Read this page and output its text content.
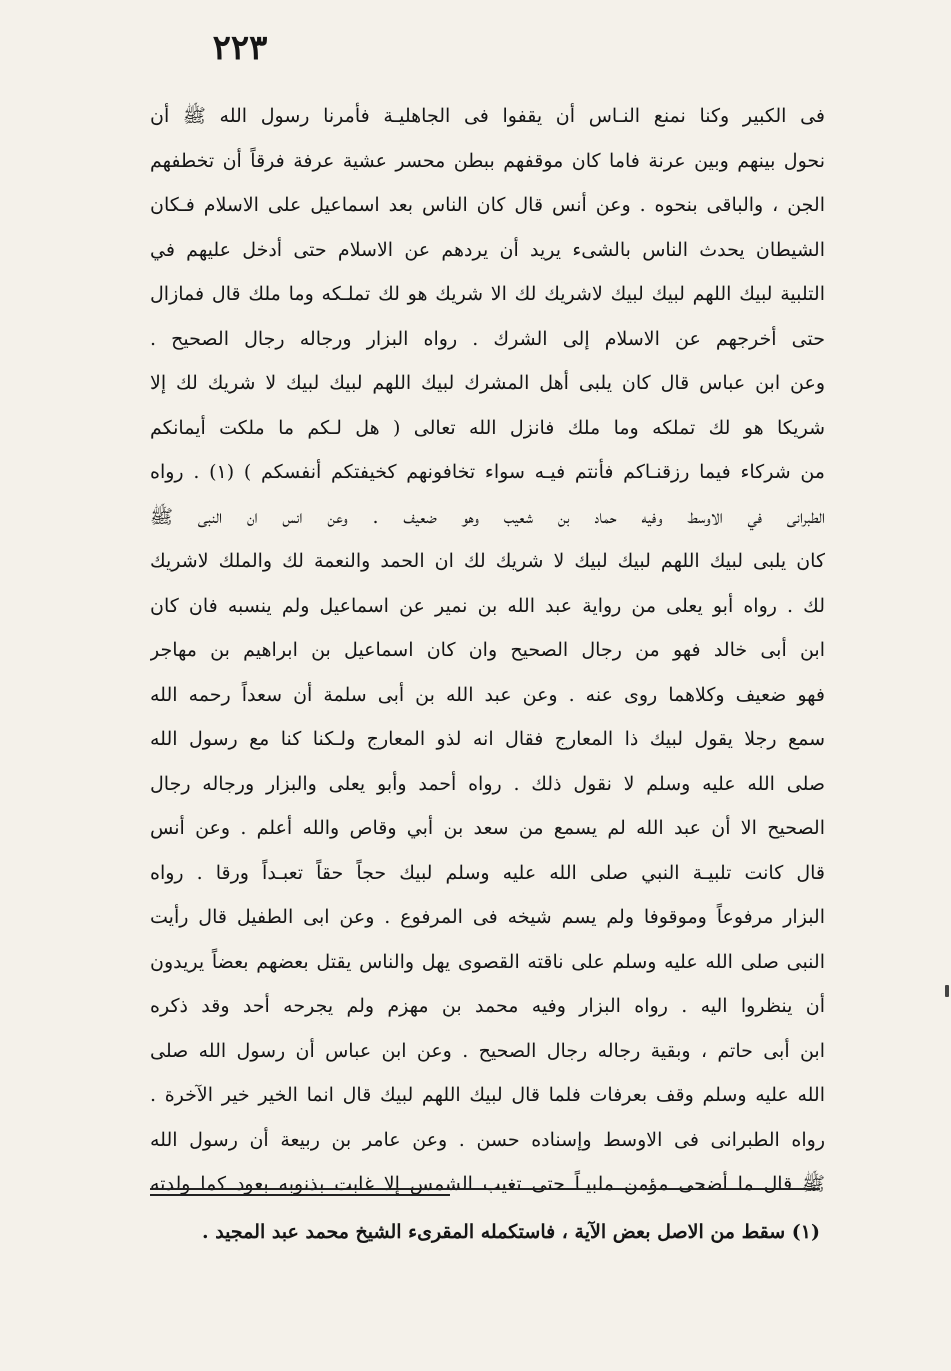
٢٢٣
فى الكبير وكنا نمنع النـاس أن يقفوا فى الجاهليـة فأمرنا رسول الله ﷺ أن
نحول بينهم وبين عرنة فاما كان موقفهم ببطن محسر عشية عرفة فرقاً أن تخطفهم
الجن ، والباقى بنحوه . وعن أنس قال كان الناس بعد اسماعيل على الاسلام فـكان
الشيطان يحدث الناس بالشىء يريد أن يردهم عن الاسلام حتى أدخل عليهم في
التلبية لبيك اللهم لبيك لبيك لاشريك لك الا شريك هو لك تملـكه وما ملك قال فمازال
حتى أخرجهم عن الاسلام إلى الشرك . رواه البزار ورجاله رجال الصحيح .
وعن ابن عباس قال كان يلبى أهل المشرك لبيك اللهم لبيك لبيك لا شريك لك إلا
شريكا هو لك تملكه وما ملك فانزل الله تعالى ( هل لـكم ما ملكت أيمانكم
من شركاء فيما رزقنـاكم فأنتم فيـه سواء تخافونهم كخيفتكم أنفسكم ) (١) . رواه
الطبرانى في الاوسط وفيه حماد بن شعيب وهو ضعيف . وعن انس ان النبى ﷺ
كان يلبى لبيك اللهم لبيك لبيك لا شريك لك ان الحمد والنعمة لك والملك لاشريك
لك . رواه أبو يعلى من رواية عبد الله بن نمير عن اسماعيل ولم ينسبه فان كان
ابن أبى خالد فهو من رجال الصحيح وان كان اسماعيل بن ابراهيم بن مهاجر
فهو ضعيف وكلاهما روى عنه . وعن عبد الله بن أبى سلمة أن سعداً رحمه الله
سمع رجلا يقول لبيك ذا المعارج فقال انه لذو المعارج ولـكنا كنا مع رسول الله
صلى الله عليه وسلم لا نقول ذلك . رواه أحمد وأبو يعلى والبزار ورجاله رجال
الصحيح الا أن عبد الله لم يسمع من سعد بن أبي وقاص والله أعلم . وعن أنس
قال كانت تلبيـة النبي صلى الله عليه وسلم لبيك حجاً حقاً تعبـداً ورقا . رواه
البزار مرفوعاً وموقوفا ولم يسم شيخه فى المرفوع . وعن ابى الطفيل قال رأيت
النبى صلى الله عليه وسلم على ناقته القصوى يهل والناس يقتل بعضهم بعضاً يريدون
أن ينظروا اليه . رواه البزار وفيه محمد بن مهزم ولم يجرحه أحد وقد ذكره
ابن أبى حاتم ، وبقية رجاله رجال الصحيح . وعن ابن عباس أن رسول الله صلى
الله عليه وسلم وقف بعرفات فلما قال لبيك اللهم لبيك قال انما الخير خير الآخرة .
رواه الطبرانى فى الاوسط وإسناده حسن . وعن عامر بن ربيعة أن رسول الله
ﷺ قال ما أضحى مؤمن ملبيـاً حتى تغيب الشمس إلا غابت بذنوبه بعود كما ولدته
(١) سقط من الاصل بعض الآية ، فاستكمله المقرىء الشيخ محمد عبد المجيد .
